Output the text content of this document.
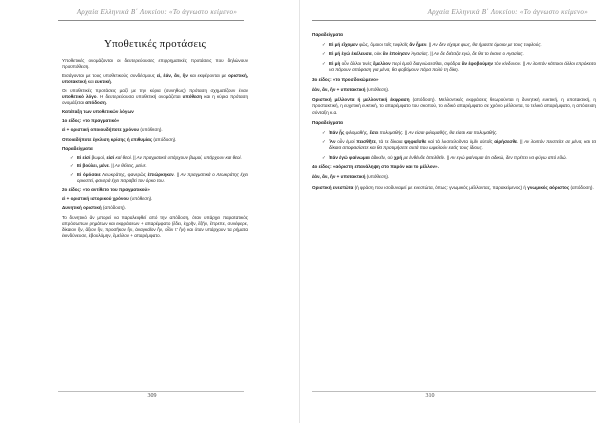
Αρχαία Ελληνικά Β΄ Λυκείου: «Το άγνωστο κείμενο»
Υποθετικές προτάσεις

Υποθετικές ονομάζονται οι δευτερεύουσες επιρρηματικές προτάσεις που δηλώνουν προϋπόθεση.

Εισάγονται με τους υποθετικούς συνδέσμους εἰ, ἐάν, ἄν, ἤν και εκφέρονται με οριστική, υποτακτική και ευκτική.

Οι υποθετικές προτάσεις μαζί με την κύρια (συνηθως) πρόταση σχηματίζουν έναν υποθετικό λόγο. Η δευτερεύουσα υποθετική ονομάζεται υπόθεση και η κύρια πρόταση ονομάζεται απόδοση.

Κατάταξη των υποθετικών λόγων

1ο είδος: «το πραγματικό»

εἰ + οριστική οποιουδήποτε χρόνου (υπόθεση).

Οποιαδήποτε έγκλιση κρίσης ή επιθυμίας (απόδοση).

Παραδείγματα

✓ Εἰ εἰσί βωμοί, εἰσί καί θεοί. || Αν πραγματικά υπάρχουν βωμοί, υπάρχουν και θεοί.
✓ Εἰ βούλει, μένε. || Αν θέλεις, μείνε.
✓ Εἰ ὁμόσαιε Λεωκράτης, φανερῶς ἐπιώρκηκεν. || Αν πραγματικά ο Λεωκράτης έχει ορκιστεί, φανερά έχει παραβεί τον όρκο του.

2ο είδος: «το αντίθετο του πραγματικού»

εἰ + οριστική ιστορικού χρόνου (υπόθεση).

Δυνητική οριστική (απόδοση).

Το δυνητικό ἄν μπορεί να παραλειφθεί από την απόδοση, όταν υπάρχει παρατατικός απρόσωπων ρημάτων και εκφράσεων + απαρέμφατο (ἔδει, ἐχρῆν, ἔξῆν, ἔπρεπε, συνέφερε, δίκαιον ἦν, ἄξιον ἦν, προσῆκον ἦν, ἀναγκαῖον ἦν, οἷόν τ' ἦν) και όταν υπάρχουν τα ρήματα ἐκινδύνευσε, ἐβουλόμην, ἔμελλον + απαρέμφατο.

309
Αρχαία Ελληνικά Β΄ Λυκείου: «Το άγνωστο κείμενο»

Παραδείγματα

✓ Εἰ μή εἴχομεν φῶς, ὅμοιοι τοῖς τυφλοῖς ἄν ἦμεν. || Αν δεν είχαμε φως, θα ήμαστε όμοιοι με τους τυφλούς.
✓ Εἰ μή ἐγώ ἐκέλευσα, οὐκ ἄν ἐποίησεν Ἀγασίας. || Αν δε διέταζα εγώ, δε θα το έκανε ο Αγασίας.
✓ Εἰ μὴ οὗν ἄλλοι τινὲς ἔμελλον περί ἐμοῦ διαγνώσεσθαι, σφόδρα ἄν ἐφοβούμην τὸν κίνδυνον. || Αν λοιπόν κάποιοι άλλοι επρόκειτο να πάρουν απόφαση για μένα, θα φοβόμουν πάρα πολύ τη δίκη.

3ο είδος: «το προσδοκώμενο»

ἐάν, ἄν, ἤν + υποτακτική (υπόθεση).

Οριστική μέλλοντα ή μελλοντική έκφραση (απόδοση). Μελλοντικές εκφράσεις θεωρούνται η δυνητική ευκτική, η υποτακτική, η προστακτική, η ευχετική ευκτική, το απαρέμφατο του σκοπού, το ειδικό απαρέμφατο σε χρόνο μέλλοντα, το τελικό απαρέμφατο, η απόσειση σύνταξη κ.α.

Παραδείγματα

✓ Ἐάν ᾖς φιλομαθής, ἔσει πολυμαθής. || Αν είσαι φιλομαθής, θα είσαι και πολυμαθής.
✓ Ἄν οὖν ἐμοί πεισθῆτε, τά τε δίκαια ψηφιεῖσθε καί τά λυσιτελοῦντα ὑμῖν αὐτοῖς αἱρήσεσθε. || Αν λοιπόν πειστείτε σε μένα, και τα δίκαια αποφασίσετε και θα προτιμήσετε αυτά που ωφελούν εσάς τους ίδιους.
✓ Ἐάν ἐγώ φαίνωμαι ἀδικεῖν, οὐ χρή με ἐνθένδε ἀπελθεῖν. || Αν εγώ φαίνομαι ότι αδικώ, δεν πρέπει να φύγω από εδώ.

4ο είδος: «αόριστη επανάληψη στο παρόν και το μέλλον».

ἐάν, ἄν, ἤν + υποτακτική (υπόθεση).

Οριστική ενεστώτα (ή φράση που ισοδυναμεί με ενεστώτα, όπως: γνωμικός μέλλοντας, παρακείμενος) ή γνωμικός αόριστος (απόδοση).

310
